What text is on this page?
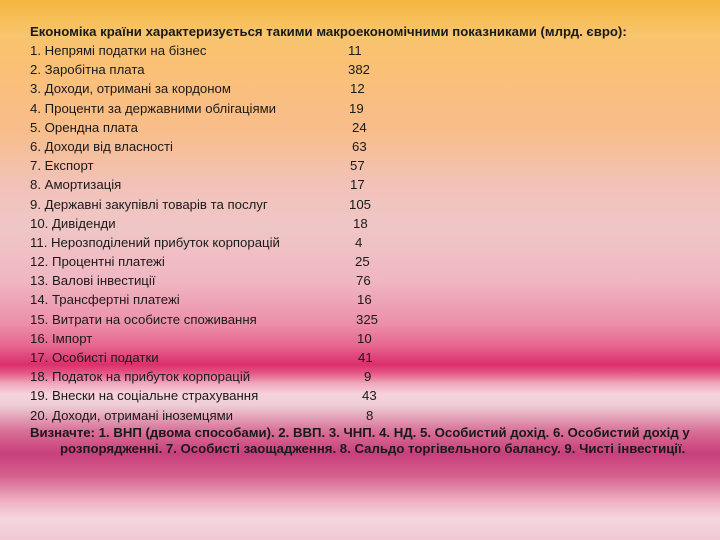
Економіка країни характеризується такими макроекономічними показниками (млрд. євро):

1. Непрямі податки на бізнес	11
2. Заробітна плата	382
3. Доходи, отримані за кордоном	12
4. Проценти за державними облігаціями	19
5. Орендна плата	24
6. Доходи від власності	63
7. Експорт	57
8. Амортизація	17
9. Державні закупівлі товарів та послуг	105
10. Дивіденди	18
11. Нерозподілений прибуток корпорацій	4
12. Процентні платежі	25
13. Валові інвестиції	76
14. Трансфертні платежі	16
15. Витрати на особисте споживання	325
16. Імпорт	10
17. Особисті податки	41
18. Податок на прибуток корпорацій	9
19. Внески на соціальне страхування	43
20. Доходи, отримані іноземцями	8

Визначте: 1. ВНП (двома способами). 2. ВВП. 3. ЧНП. 4. НД. 5. Особистий дохід. 6. Особистий дохід у розпорядженні. 7. Особисті заощадження. 8. Сальдо торгівельного балансу. 9. Чисті інвестиції.
